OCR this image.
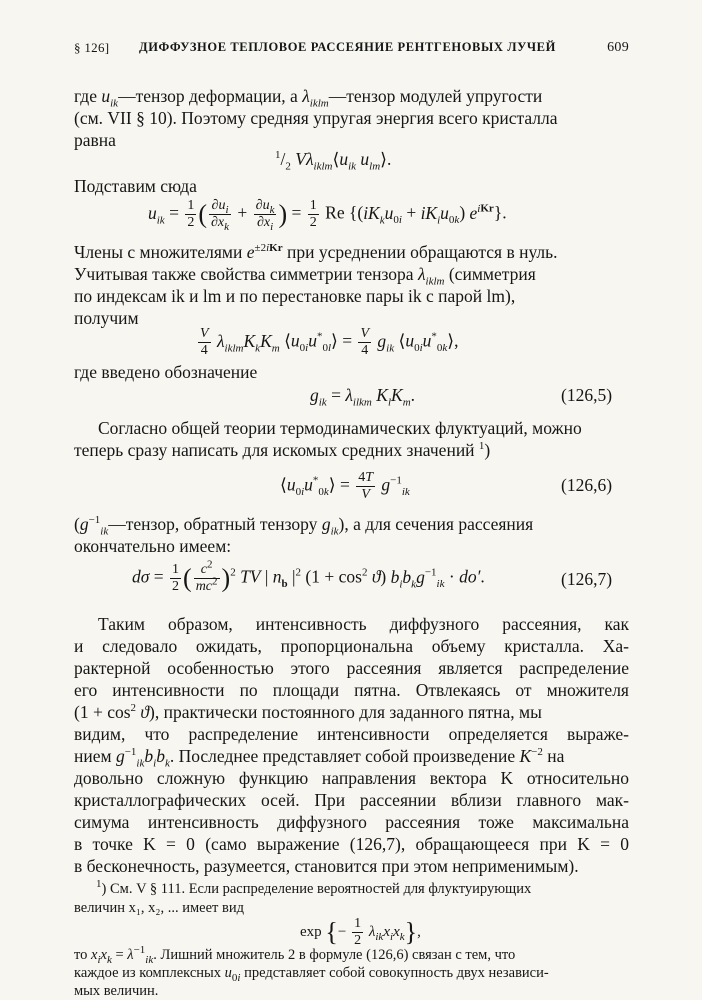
§ 126] ДИФФУЗНОЕ ТЕПЛОВОЕ РАССЕЯНИЕ РЕНТГЕНОВЫХ ЛУЧЕЙ	609
где $u_{ik}—тензор$ деформации, а $\lambda_{iklm}—тензор$ модулей упругости
(см. VII § 10). Поэтому средняя упругая энергия всего кристалла
равна
$^1/_2$ $V\lambda_{iklm}⟨u_{ik}$ $u_{lm}⟩$.
Подставим сюда
$u_{ik} = \frac{1}{2}$ ( $\frac{\partial u_i}{\partial x_k} + \frac{\partial u_k}{\partial x_i}$ ) = $\frac{1}{2}$ Re {$(iK_ku_{0i} + iK_iu_{0k})$ $e^{iKr}$}.
Члены с множителями $e^{\pm 2iKr}$ при усреднении обращаются в нуль.
Учитывая также свойства симметрии тензора $\lambda_{iklm}$ (симметрия
по индексам ik и lm и по перестановке пары ik с парой lm),
получим
$\frac{V}{4} \lambda_{iklm}K_kK_m$ $⟨u_{0i}u^*_{0l}⟩ = \frac{V}{4} g_{ik}$ $⟨u_{0i}u^*_{0k}⟩$,
где введено обозначение
$g_{ik} = \lambda_{ilkm}$ $K_lK_m$.	(126,5)
Согласно общей теории термодинамических флуктуаций, можно
теперь сразу написать для искомых средних значений $^1$)
$⟨u_{0i}u^*_{0k}⟩ = \frac{4T}{V} g^{-1}_{ik}$	(126,6)
($g^{-1}_{ik}—тензор$, обратный тензору $g_{ik}$), а для сечения рассеяния
окончательно имеем:
$d\sigma = \frac{1}{2}$ ( $\frac{c^2}{mc^2} )^2$ TV | $n_b$ $|^2$ $(1 + \cos^2 ϑ)$ $b_ib_kg^{-1}_{ik} \cdot do'$.	(126,7)
Таким образом, интенсивность диффузного рассеяния, как
и следовало ожидать, пропорциональна объему кристалла. Ха-
рактерной особенностью этого рассеяния является распределение
его интенсивности по площади пятна. Отвлекаясь от множителя
$(1 + \cos^2 ϑ)$, практически постоянного для заданного пятна, мы
видим, что распределение интенсивности определяется выраже-
нием $g^{-1}_{ik}b_ib_k$. Последнее представляет собой произведение $K^{-2}$ на
довольно сложную функцию направления вектора K относительно
кристаллографических осей. При рассеянии вблизи главного мак-
симума интенсивность диффузного рассеяния тоже максимальна
в точке K = 0 (само выражение (126,7), обращающееся при K = 0
в бесконечность, разумеется, становится при этом неприменимым).
$^1$) См. V § 111. Если распределение вероятностей для флуктуирующих
величин x₁, x₂, ... имеет вид
exp {− $\frac{1}{2} \lambda_{ik}x_ix_k$},
то $x_ix_k = \lambda^{-1}_{ik}$. Лишний множитель 2 в формуле (126,6) связан с тем, что
каждое из комплексных $u_{0i}$ представляет собой совокупность двух независи-
мых величин.
